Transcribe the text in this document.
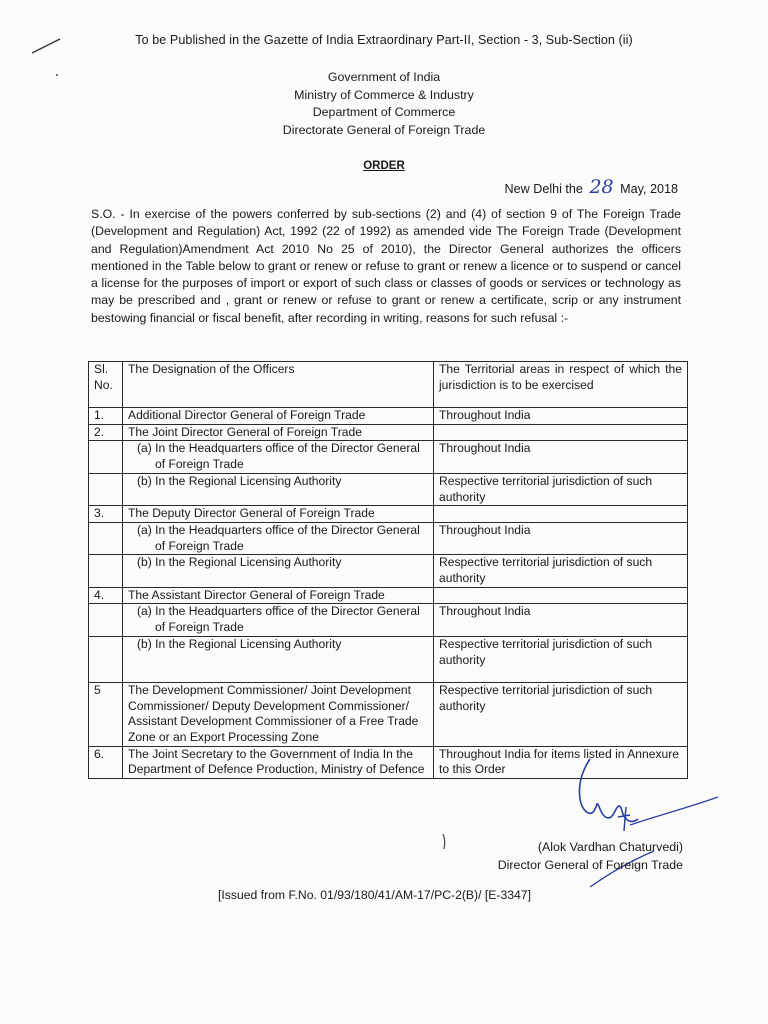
To be Published in the Gazette of India Extraordinary Part-II, Section - 3, Sub-Section (ii)
Government of India
Ministry of Commerce & Industry
Department of Commerce
Directorate General of Foreign Trade
ORDER
New Delhi the 28 May, 2018

S.O. - In exercise of the powers conferred by sub-sections (2) and (4) of section 9 of The Foreign Trade (Development and Regulation) Act, 1992 (22 of 1992) as amended vide The Foreign Trade (Development and Regulation)Amendment Act 2010 No 25 of 2010), the Director General authorizes the officers mentioned in the Table below to grant or renew or refuse to grant or renew a licence or to suspend or cancel a license for the purposes of import or export of such class or classes of goods or services or technology as may be prescribed and , grant or renew or refuse to grant or renew a certificate, scrip or any instrument bestowing financial or fiscal benefit, after recording in writing, reasons for such refusal :-

Sl. No.	The Designation of the Officers	The Territorial areas in respect of which the jurisdiction is to be exercised
1.	Additional Director General of Foreign Trade	Throughout India
2.	The Joint Director General of Foreign Trade	

	(a) In the Headquarters office of the Director General of Foreign Trade	Throughout India

	(b) In the Regional Licensing Authority	Respective territorial jurisdiction of such authority
3.	The Deputy Director General of Foreign Trade	

	(a) In the Headquarters office of the Director General of Foreign Trade	Throughout India

	(b) In the Regional Licensing Authority	Respective territorial jurisdiction of such authority
4.	The Assistant Director General of Foreign Trade	

	(a) In the Headquarters office of the Director General of Foreign Trade	Throughout India

	(b) In the Regional Licensing Authority	Respective territorial jurisdiction of such authority
5	The Development Commissioner/ Joint Development Commissioner/ Deputy Development Commissioner/ Assistant Development Commissioner of a Free Trade Zone or an Export Processing Zone	Respective territorial jurisdiction of such authority
6.	The Joint Secretary to the Government of India In the Department of Defence Production, Ministry of Defence	Throughout India for items listed in Annexure to this Order
(Alok Vardhan Chaturvedi)
Director General of Foreign Trade
[Issued from F.No. 01/93/180/41/AM-17/PC-2(B)/ [E-3347]
